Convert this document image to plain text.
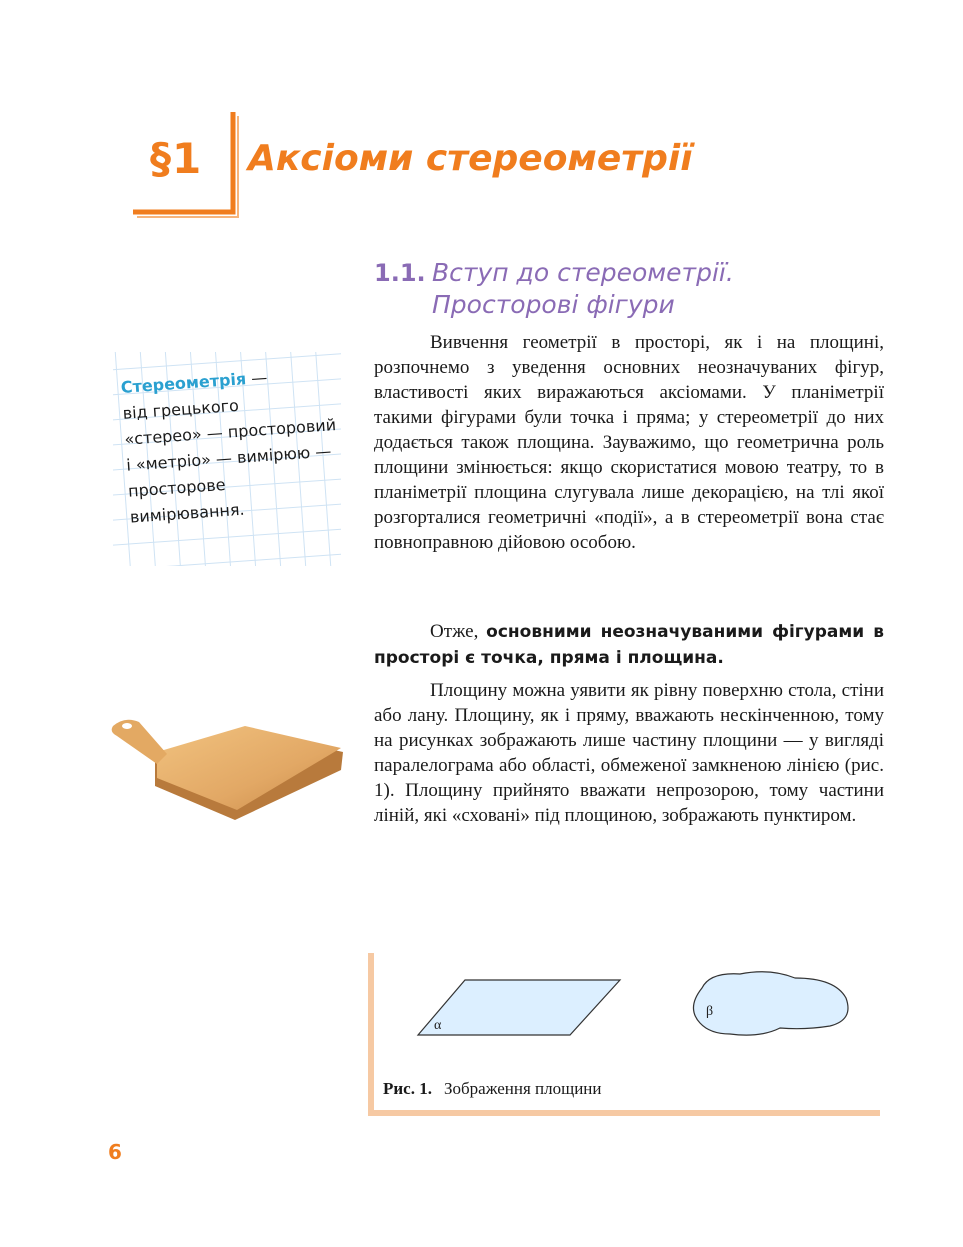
§1 Аксіоми стереометрії
1.1. Вступ до стереометрії.
Просторові фігури
Стереометрія —
від грецького
«стерео» — просторовий
і «метріо» — вимірюю —
просторове
вимірювання.

Вивчення геометрії в просторі, як і на площині, розпочнемо з уведення основних неозначуваних фігур, властивості яких виражаються аксіомами. У планіметрії такими фігурами були точка і пряма; у стереометрії до них додається також площина. Зауважимо, що геометрична роль площини змінюється: якщо скористатися мовою театру, то в планіметрії площина слугувала лише декорацією, на тлі якої розгорталися геометричні «події», а в стереометрії вона стає повноправною дійовою особою.

Отже, основними неозначуваними фігурами в просторі є точка, пряма і площина.

Площину можна уявити як рівну поверхню стола, стіни або лану. Площину, як і пряму, вважають нескінченною, тому на рисунках зображають лише частину площини — у вигляді паралелограма або області, обмеженої замкненою лінією (рис. 1). Площину прийнято вважати непрозорою, тому частини ліній, які «сховані» під площиною, зображають пунктиром.

α
β
Рис. 1. Зображення площини
6
